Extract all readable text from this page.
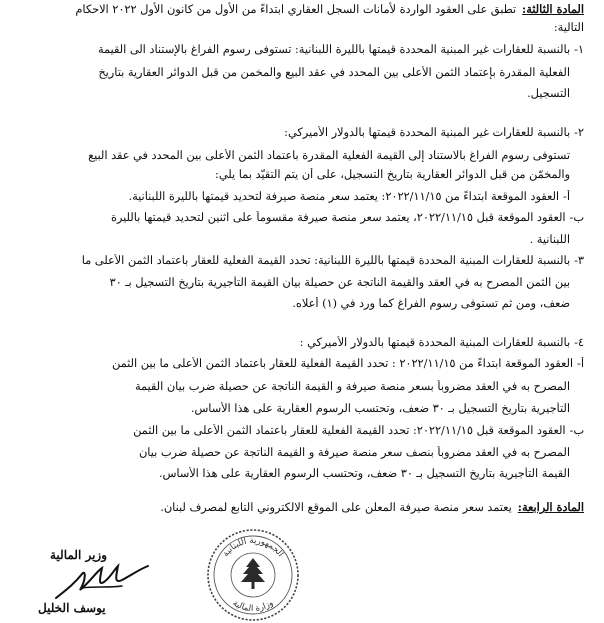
المادة الثالثة:تطبق على العقود الواردة لأمانات السجل العقاري ابتداءً من الأول من كانون الأول ٢٠٢٢ الاحكام
التالية:
١-بالنسبة للعقارات غير المبنية المحددة قيمتها بالليرة اللبنانية: تستوفى رسوم الفراغ بالإستناد الى القيمة
الفعلية المقدرة بإعتماد الثمن الأعلى بين المحدد في عقد البيع والمخمن من قبل الدوائر العقارية بتاريخ
التسجيل.
٢-بالنسبة للعقارات غير المبنية المحددة قيمتها بالدولار الأميركي:
تستوفى رسوم الفراغ بالاستناد إلى القيمة الفعلية المقدرة باعتماد الثمن الأعلى بين المحدد في عقد البيع
والمخمّن من قبل الدوائر العقارية بتاريخ التسجيل، على أن يتم التقيّد بما يلي:
أ-العقود الموقعة ابتداءً من ٢٠٢٢/١١/١٥: يعتمد سعر منصة صيرفة لتحديد قيمتها بالليرة اللبنانية.
ب-العقود الموقعة قبل ٢٠٢٢/١١/١٥، يعتمد سعر منصة صيرفة مقسوماً على اثنين لتحديد قيمتها بالليرة
اللبنانية .
٣-بالنسبة للعقارات المبنية المحددة قيمتها بالليرة اللبنانية: تحدد القيمة الفعلية للعقار باعتماد الثمن الأعلى ما
بين الثمن المصرح به في العقد والقيمة الناتجة عن حصيلة بيان القيمة التأجيرية بتاريخ التسجيل بـ ٣٠
ضعف، ومن ثم تستوفى رسوم الفراغ كما ورد في (١) أعلاه.
٤-بالنسبة للعقارات المبنية المحددة قيمتها بالدولار الأميركي :
أ-العقود الموقعة ابتداءً من ٢٠٢٢/١١/١٥ : تحدد القيمة الفعلية للعقار باعتماد الثمن الأعلى ما بين الثمن
المصرح به في العقد مضروباً بسعر منصة صيرفة و القيمة الناتجة عن حصيلة ضرب بيان القيمة
التأجيرية بتاريخ التسجيل بـ ٣٠ ضعف، وتحتسب الرسوم العقارية على هذا الأساس.
ب-العقود الموقعة قبل ٢٠٢٢/١١/١٥: تحدد القيمة الفعلية للعقار باعتماد الثمن الأعلى ما بين الثمن
المصرح به في العقد مضروباً بنصف سعر منصة صيرفة و القيمة الناتجة عن حصيلة ضرب بيان
القيمة التأجيرية بتاريخ التسجيل بـ ٣٠ ضعف، وتحتسب الرسوم العقارية على هذا الأساس.
المادة الرابعة:يعتمد سعر منصة صيرفة المعلن على الموقع الالكتروني التابع لمصرف لبنان.
الجمهورية اللبنانية
وزارة المالية
وزير المالية
يوسف الخليل
